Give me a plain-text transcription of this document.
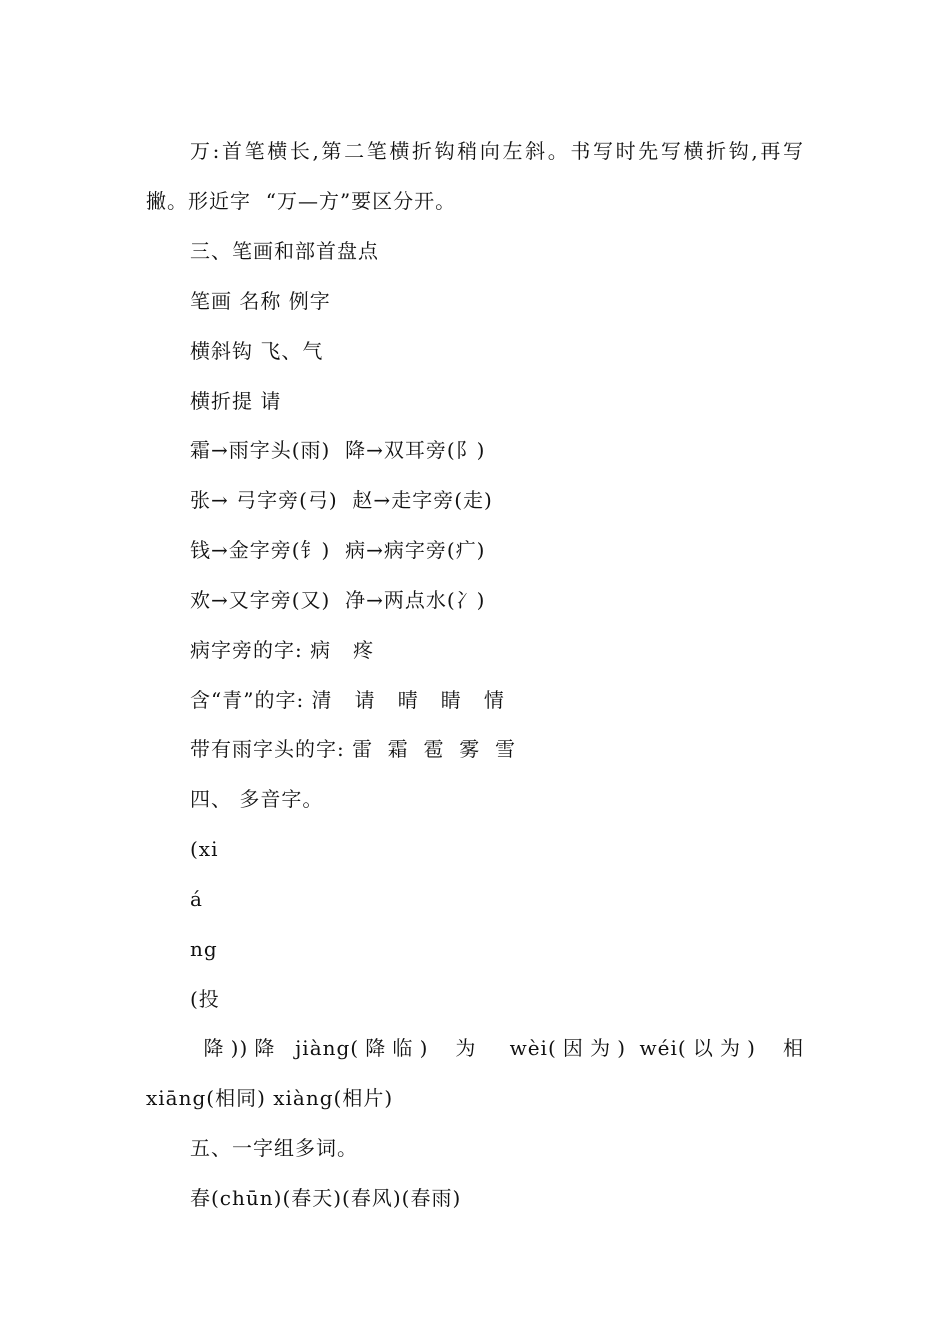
万:首笔横长,第二笔横折钩稍向左斜。书写时先写横折钩,再写
撇。形近字  “万—方”要区分开。
三、笔画和部首盘点
笔画 名称 例字
横斜钩 飞、气
横折提 请
霜→雨字头(雨)  降→双耳旁(阝)
张→ 弓字旁(弓)  赵→走字旁(走)
钱→金字旁(钅)  病→病字旁(疒)
欢→又字旁(又)  净→两点水(冫)
病字旁的字: 病   疼
含“青”的字: 清   请   晴   睛   情
带有雨字头的字: 雷  霜  雹  雾  雪
四、 多音字。
(xi
á
ng
(投
降))降 jiàng(降临)  为  wèi(因为) wéi(以为)  相
xiāng(相同) xiàng(相片)
五、一字组多词。
春(chūn)(春天)(春风)(春雨)
